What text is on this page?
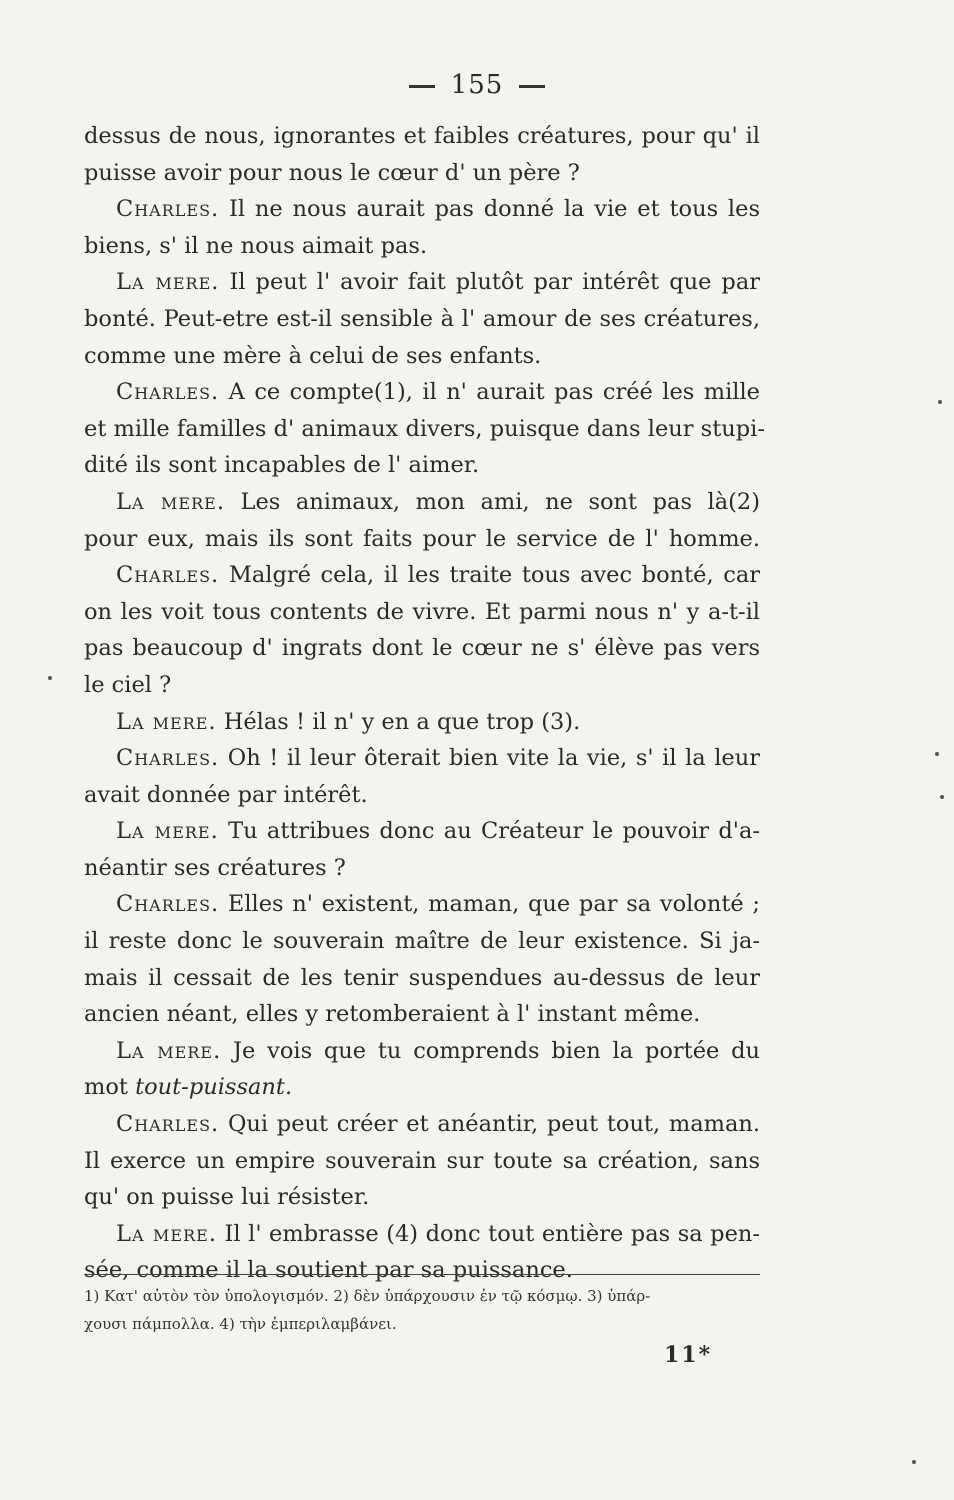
155
dessus de nous, ignorantes et faibles créatures, pour qu' il
puisse avoir pour nous le cœur d' un père ?
Charles. Il ne nous aurait pas donné la vie et tous les
biens, s' il ne nous aimait pas.
La mere. Il peut l' avoir fait plutôt par intérêt que par
bonté. Peut-etre est-il sensible à l' amour de ses créatures,
comme une mère à celui de ses enfants.
Charles. A ce compte(1), il n' aurait pas créé les mille
et mille familles d' animaux divers, puisque dans leur stupi-
dité ils sont incapables de l' aimer.
La mere. Les animaux, mon ami, ne sont pas là(2)
pour eux, mais ils sont faits pour le service de l' homme.
Charles. Malgré cela, il les traite tous avec bonté, car
on les voit tous contents de vivre. Et parmi nous n' y a-t-il
pas beaucoup d' ingrats dont le cœur ne s' élève pas vers
le ciel ?
La mere. Hélas ! il n' y en a que trop (3).
Charles. Oh ! il leur ôterait bien vite la vie, s' il la leur
avait donnée par intérêt.
La mere. Tu attribues donc au Créateur le pouvoir d'a-
néantir ses créatures ?
Charles. Elles n' existent, maman, que par sa volonté ;
il reste donc le souverain maître de leur existence. Si ja-
mais il cessait de les tenir suspendues au-dessus de leur
ancien néant, elles y retomberaient à l' instant même.
La mere. Je vois que tu comprends bien la portée du
mot tout-puissant.
Charles. Qui peut créer et anéantir, peut tout, maman.
Il exerce un empire souverain sur toute sa création, sans
qu' on puisse lui résister.
La mere. Il l' embrasse (4) donc tout entière pas sa pen-
sée, comme il la soutient par sa puissance.
1) Κατ' αὐτὸν τὸν ὑπολογισμόν. 2) δὲν ὑπάρχουσιν ἐν τῷ κόσμῳ. 3) ὑπάρ-
χουσι πάμπολλα. 4) τὴν ἐμπεριλαμβάνει.
11*
